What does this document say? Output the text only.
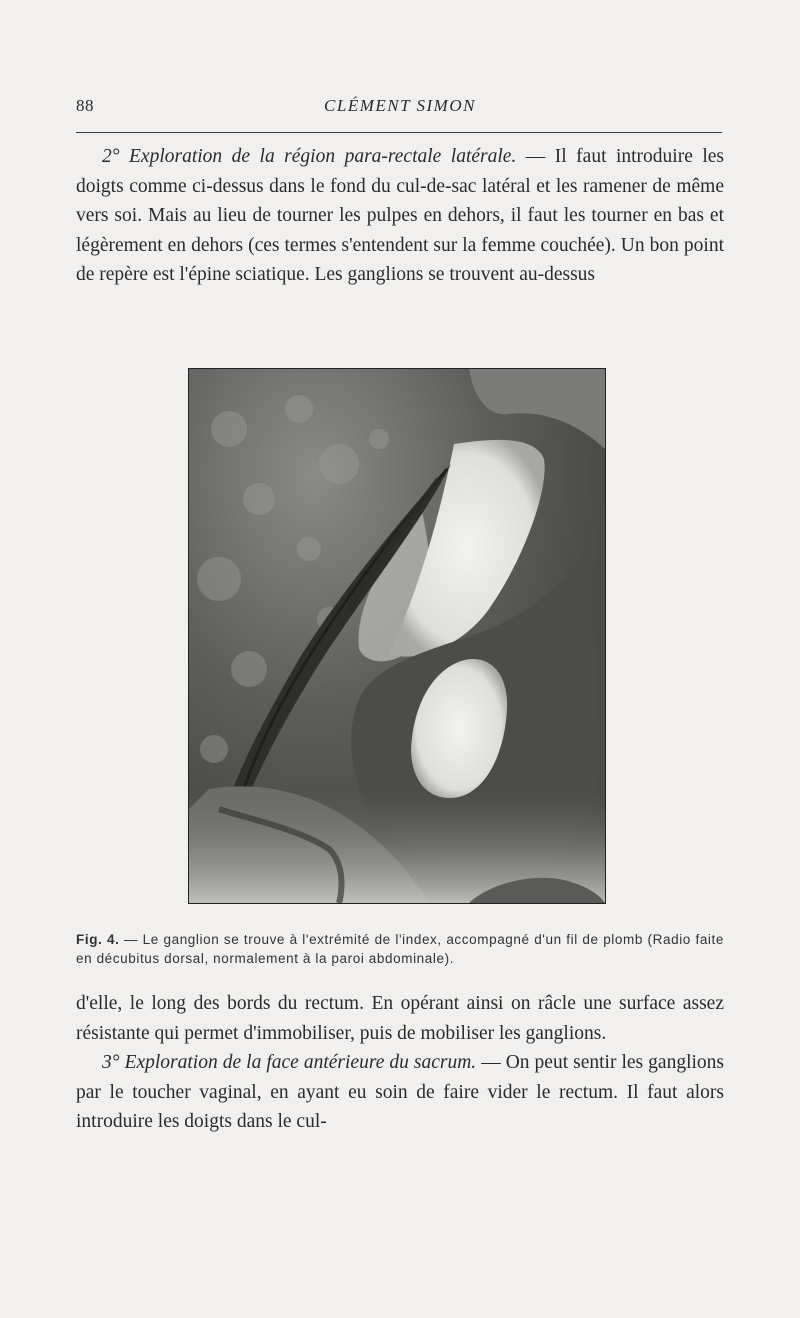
88	CLÉMENT SIMON

2° Exploration de la région para-rectale latérale. — Il faut introduire les doigts comme ci-dessus dans le fond du cul-de-sac latéral et les ramener de même vers soi. Mais au lieu de tourner les pulpes en dehors, il faut les tourner en bas et légèrement en dehors (ces termes s'entendent sur la femme couchée). Un bon point de repère est l'épine sciatique. Les ganglions se trouvent au-dessus

Fig. 4. — Le ganglion se trouve à l'extrémité de l'index, accompagné d'un fil de plomb (Radio faite en décubitus dorsal, normalement à la paroi abdominale).

d'elle, le long des bords du rectum. En opérant ainsi on râcle une surface assez résistante qui permet d'immobiliser, puis de mobiliser les ganglions.

3° Exploration de la face antérieure du sacrum. — On peut sentir les ganglions par le toucher vaginal, en ayant eu soin de faire vider le rectum. Il faut alors introduire les doigts dans le cul-
